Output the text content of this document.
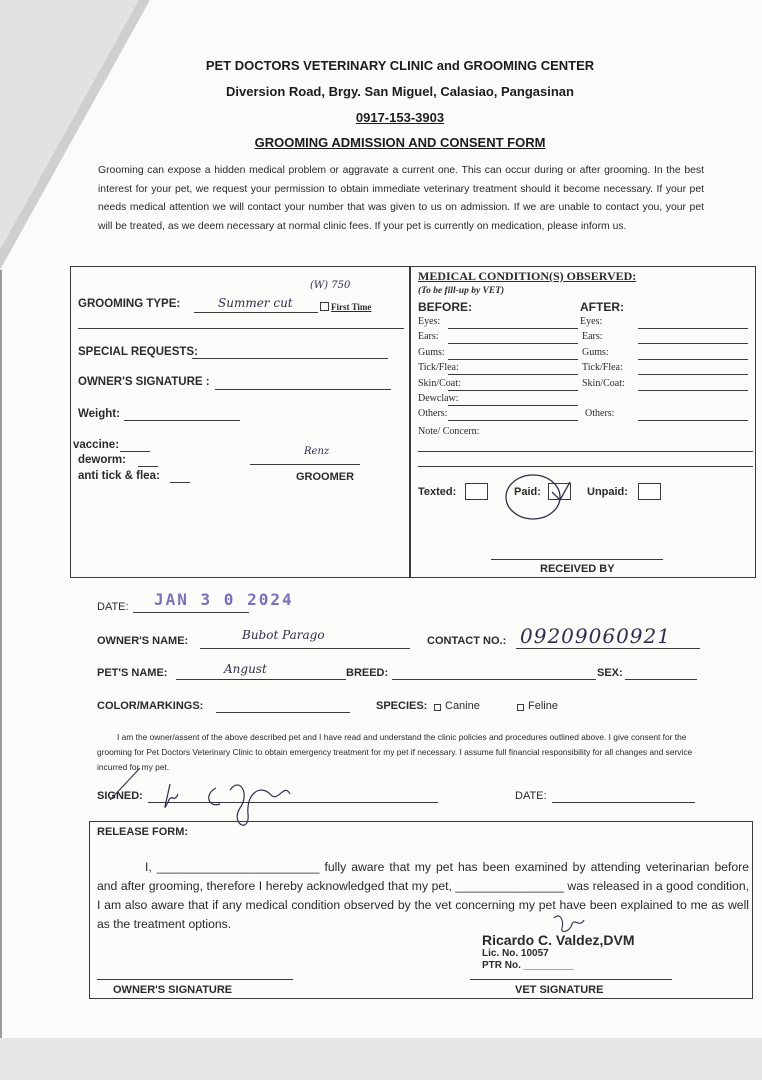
PET DOCTORS VETERINARY CLINIC and GROOMING CENTER
Diversion Road, Brgy. San Miguel, Calasiao, Pangasinan
0917-153-3903
GROOMING ADMISSION AND CONSENT FORM
Grooming can expose a hidden medical problem or aggravate a current one. This can occur during or after grooming. In the best interest for your pet, we request your permission to obtain immediate veterinary treatment should it become necessary. If your pet needs medical attention we will contact your number that was given to us on admission. If we are unable to contact you, your pet will be treated, as we deem necessary at normal clinic fees. If your pet is currently on medication, please inform us.
GROOMING TYPE:	Summer cut
(W) 750
First Time
SPECIAL REQUESTS:
OWNER'S SIGNATURE :
Weight:
vaccine:
deworm:
anti tick & flea:
Renz
GROOMER
MEDICAL CONDITION(S) OBSERVED:
(To be fill-up by VET)
BEFORE:	AFTER:
Eyes:	Eyes:
Ears:	Ears:
Gums:	Gums:
Tick/Flea:	Tick/Flea:
Skin/Coat:	Skin/Coat:
Dewclaw:
Others:	Others:
Note/ Concern:
Texted:	Paid:	Unpaid:
RECEIVED BY
DATE: JAN 3 0 2024
OWNER'S NAME:	Bubot Parago	CONTACT NO.: 09209060921
PET'S NAME:	Angust	BREED:	SEX:
COLOR/MARKINGS:	SPECIES: Canine	Feline
I am the owner/assent of the above described pet and I have read and understand the clinic policies and procedures outlined above. I give consent for the grooming for Pet Doctors Veterinary Clinic to obtain emergency treatment for my pet if necessary. I assume full financial responsibility for all changes and service incurred for my pet.
SIGNED:	DATE:
RELEASE FORM:
I, ________________________ fully aware that my pet has been examined by attending veterinarian before and after grooming, therefore I hereby acknowledged that my pet, ________________ was released in a good condition, I am also aware that if any medical condition observed by the vet concerning my pet have been explained to me as well as the treatment options.
Ricardo C. Valdez,DVM
Lic. No. 10057
PTR No. _________
OWNER'S SIGNATURE	VET SIGNATURE
